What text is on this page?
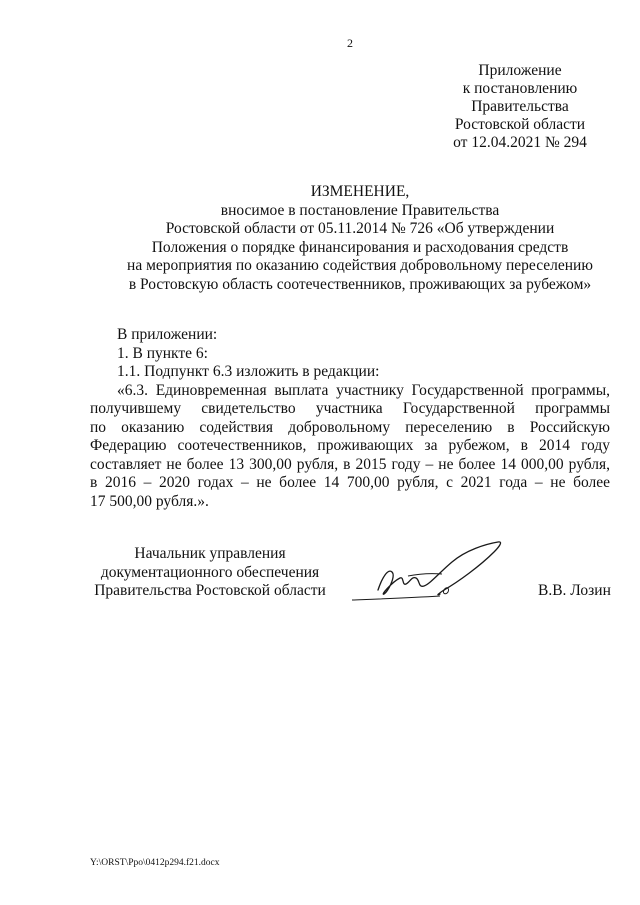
2
Приложение
к постановлению
Правительства
Ростовской области
от 12.04.2021 № 294
ИЗМЕНЕНИЕ,
вносимое в постановление Правительства
Ростовской области от 05.11.2014 № 726 «Об утверждении
Положения о порядке финансирования и расходования средств
на мероприятия по оказанию содействия добровольному переселению
в Ростовскую область соотечественников, проживающих за рубежом»
В приложении:
1. В пункте 6:
1.1. Подпункт 6.3 изложить в редакции:
«6.3. Единовременная выплата участнику Государственной программы,
получившему свидетельство участника Государственной программы
по оказанию содействия добровольному переселению в Российскую
Федерацию соотечественников, проживающих за рубежом, в 2014 году
составляет не более 13 300,00 рубля, в 2015 году – не более 14 000,00 рубля,
в 2016 – 2020 годах – не более 14 700,00 рубля, с 2021 года – не более
17 500,00 рубля.».
Начальник управления
документационного обеспечения
Правительства Ростовской области	В.В. Лозин
Y:\ORST\Ppo\0412p294.f21.docx
